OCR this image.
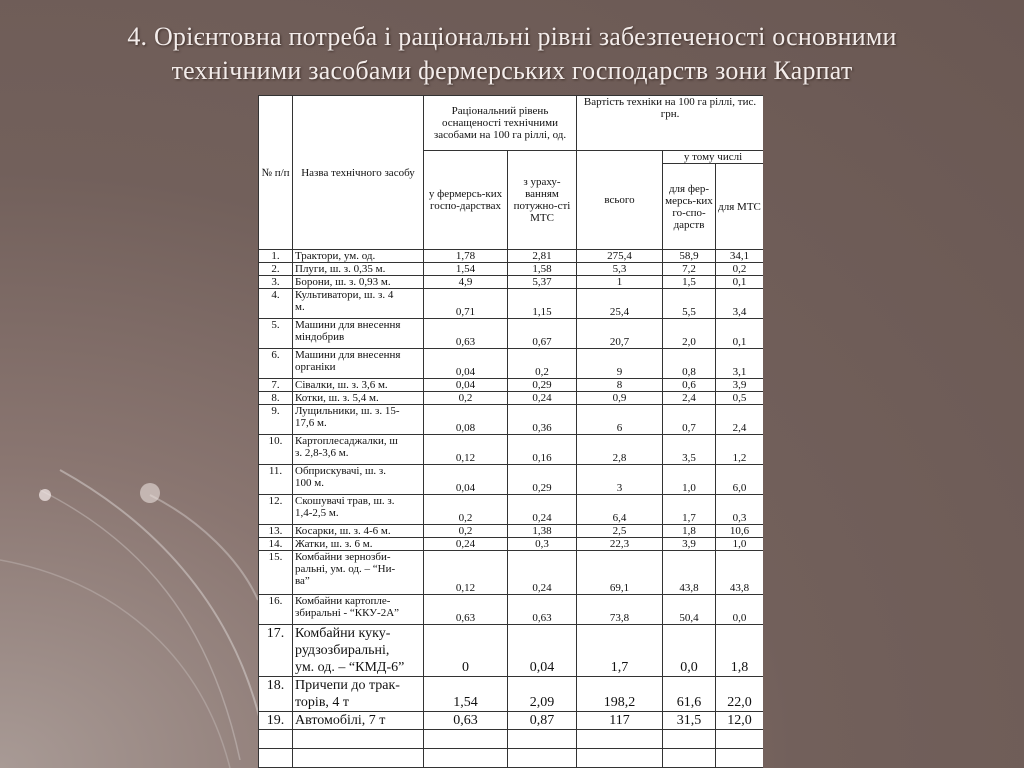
4. Орієнтовна потреба і раціональні рівні забезпеченості основними
технічними засобами фермерських господарств зони Карпат
№ п/п	Назва технічного засобу	Раціональний рівень оснащеності технічними засобами на 100 га ріллі, од.		Вартість техніки на 100 га ріллі, тис. грн.		
		у фермерсь-ких госпо-дарствах	з ураху-ванням потужно-сті МТС	всього	у тому числі	
					для фер-мерсь-ких го-спо-дарств	для МТС
1.	Трактори, ум. од.	1,78	2,81	275,4	58,9	34,1
2.	Плуги, ш. з. 0,35 м.	1,54	1,58	5,3	7,2	0,2
3.	Борони, ш. з. 0,93 м.	4,9	5,37	1	1,5	0,1
4.	Культиватори, ш. з. 4
м.	0,71	1,15	25,4	5,5	3,4
5.	Машини для внесення
міндобрив	0,63	0,67	20,7	2,0	0,1
6.	Машини для внесення
органіки	0,04	0,2	9	0,8	3,1
7.	Сівалки, ш. з. 3,6 м.	0,04	0,29	8	0,6	3,9
8.	Котки, ш. з. 5,4 м.	0,2	0,24	0,9	2,4	0,5
9.	Лущильники, ш. з. 15-
17,6 м.	0,08	0,36	6	0,7	2,4
10.	Картоплесаджалки, ш
з. 2,8-3,6 м.	0,12	0,16	2,8	3,5	1,2
11.	Обприскувачі, ш. з.
100 м.	0,04	0,29	3	1,0	6,0
12.	Скошувачі трав, ш. з.
1,4-2,5 м.	0,2	0,24	6,4	1,7	0,3
13.	Косарки, ш. з. 4-6 м.	0,2	1,38	2,5	1,8	10,6
14.	Жатки, ш. з. 6 м.	0,24	0,3	22,3	3,9	1,0
15.	Комбайни зернозби-
ральні, ум. од. – “Ни-
ва”	0,12	0,24	69,1	43,8	43,8
16.	Комбайни картопле-
збиральні - “ККУ-2А”	0,63	0,63	73,8	50,4	0,0
17.	Комбайни куку-
рудзозбиральні,
ум. од. – “КМД-6”	0	0,04	1,7	0,0	1,8
18.	Причепи до трак-
торів, 4 т	1,54	2,09	198,2	61,6	22,0
19.	Автомобілі, 7 т	0,63	0,87	117	31,5	12,0
